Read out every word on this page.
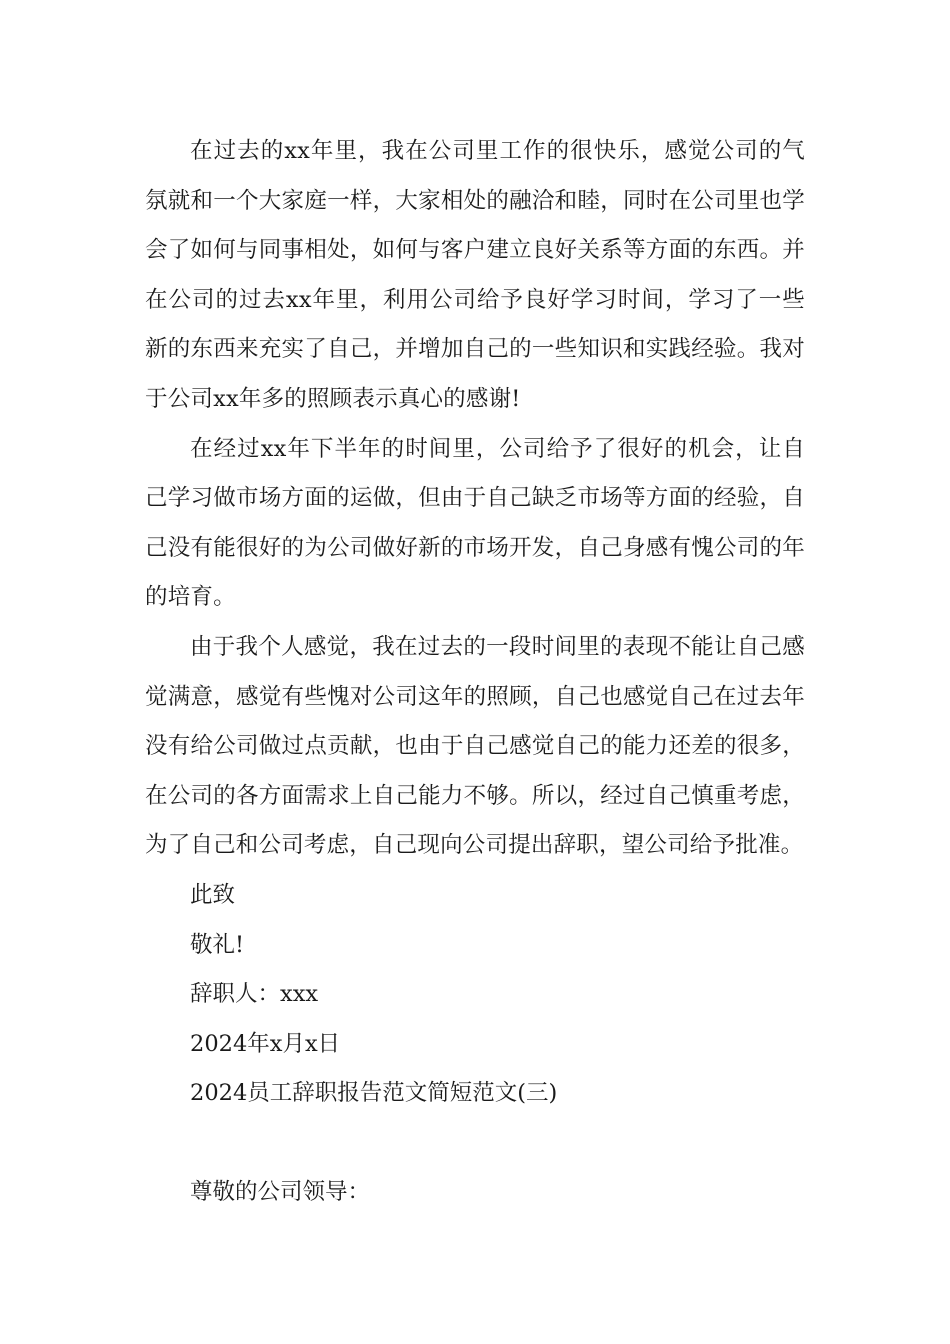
在过去的xx年里，我在公司里工作的很快乐，感觉公司的气氛就和一个大家庭一样，大家相处的融洽和睦，同时在公司里也学会了如何与同事相处，如何与客户建立良好关系等方面的东西。并在公司的过去xx年里，利用公司给予良好学习时间，学习了一些新的东西来充实了自己，并增加自己的一些知识和实践经验。我对于公司xx年多的照顾表示真心的感谢!

在经过xx年下半年的时间里，公司给予了很好的机会，让自己学习做市场方面的运做，但由于自己缺乏市场等方面的经验，自己没有能很好的为公司做好新的市场开发，自己身感有愧公司的年的培育。

由于我个人感觉，我在过去的一段时间里的表现不能让自己感觉满意，感觉有些愧对公司这年的照顾，自己也感觉自己在过去年没有给公司做过点贡献，也由于自己感觉自己的能力还差的很多，在公司的各方面需求上自己能力不够。所以，经过自己慎重考虑，为了自己和公司考虑，自己现向公司提出辞职，望公司给予批准。

此致

敬礼!

辞职人：xxx

2024年x月x日

2024员工辞职报告范文简短范文(三)

尊敬的公司领导：
